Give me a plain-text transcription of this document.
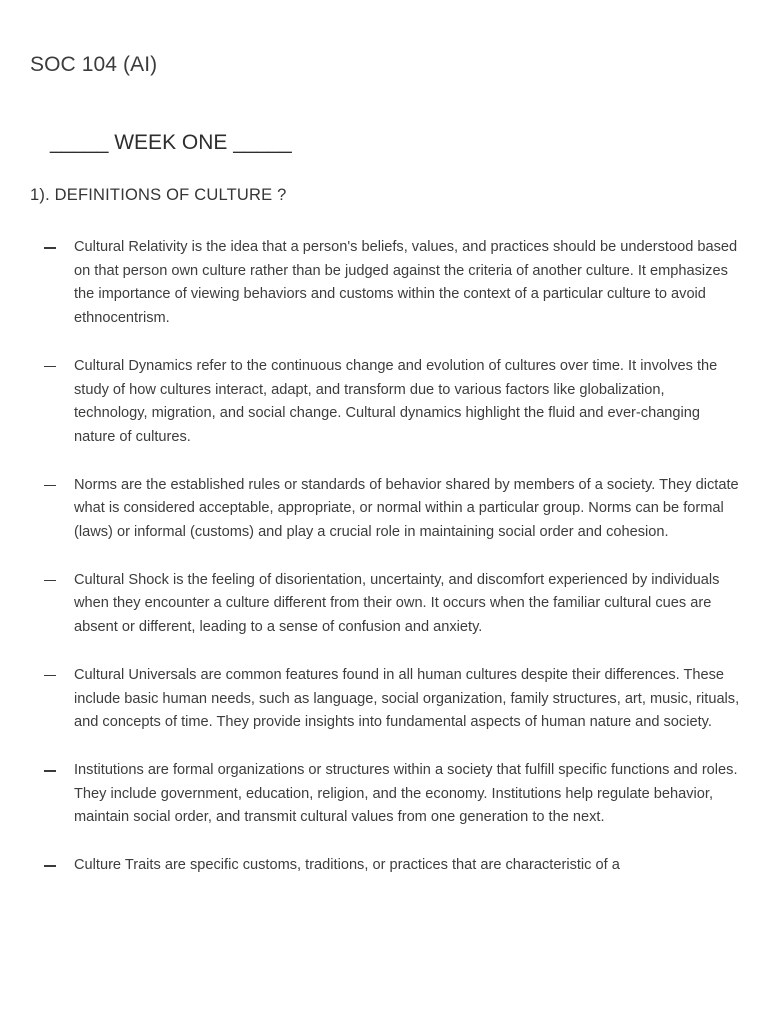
SOC 104 (AI)
_____ WEEK ONE _____
1). DEFINITIONS OF CULTURE ?
Cultural Relativity is the idea that a person's beliefs, values, and practices should be understood based on that person own culture rather than be judged against the criteria of another culture. It emphasizes the importance of viewing behaviors and customs within the context of a particular culture to avoid ethnocentrism.
Cultural Dynamics refer to the continuous change and evolution of cultures over time. It involves the study of how cultures interact, adapt, and transform due to various factors like globalization, technology, migration, and social change. Cultural dynamics highlight the fluid and ever-changing nature of cultures.
Norms are the established rules or standards of behavior shared by members of a society. They dictate what is considered acceptable, appropriate, or normal within a particular group. Norms can be formal (laws) or informal (customs) and play a crucial role in maintaining social order and cohesion.
Cultural Shock is the feeling of disorientation, uncertainty, and discomfort experienced by individuals when they encounter a culture different from their own. It occurs when the familiar cultural cues are absent or different, leading to a sense of confusion and anxiety.
Cultural Universals are common features found in all human cultures despite their differences. These include basic human needs, such as language, social organization, family structures, art, music, rituals, and concepts of time. They provide insights into fundamental aspects of human nature and society.
Institutions are formal organizations or structures within a society that fulfill specific functions and roles. They include government, education, religion, and the economy. Institutions help regulate behavior, maintain social order, and transmit cultural values from one generation to the next.
Culture Traits are specific customs, traditions, or practices that are characteristic of a
